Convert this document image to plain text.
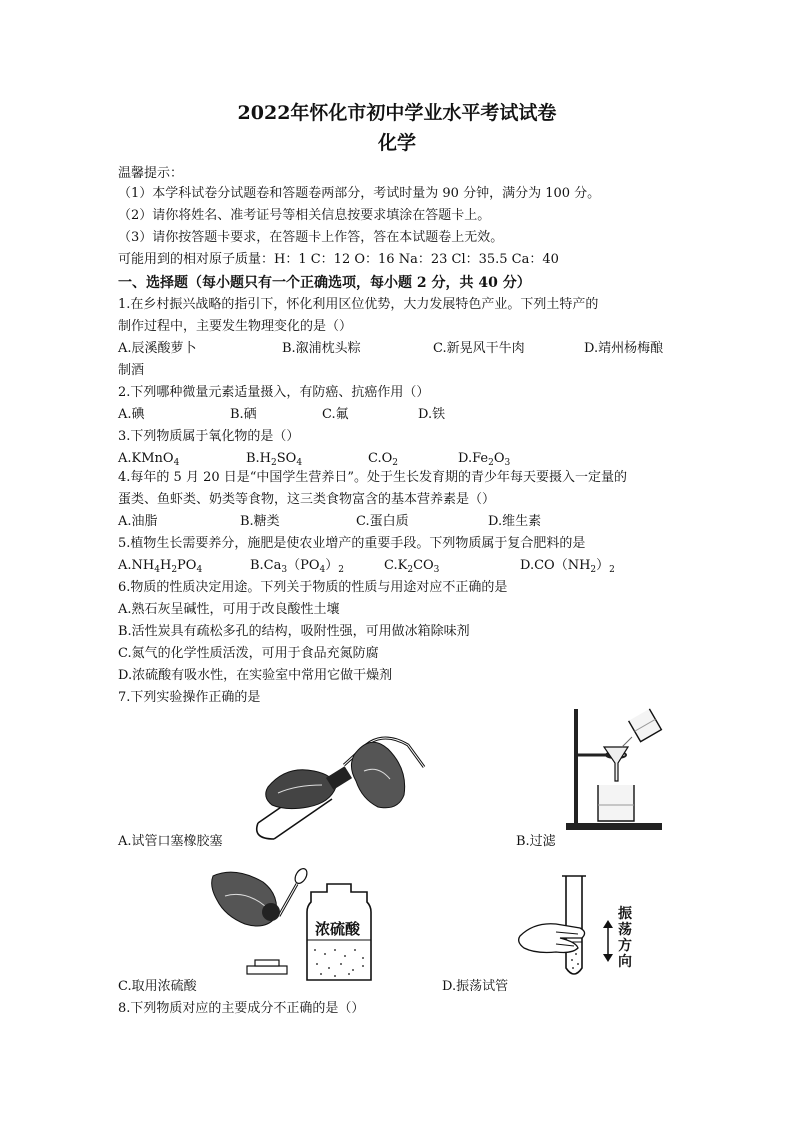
2022年怀化市初中学业水平考试试卷
化学
温馨提示：
（1）本学科试卷分试题卷和答题卷两部分，考试时量为 90 分钟，满分为 100 分。
（2）请你将姓名、准考证号等相关信息按要求填涂在答题卡上。
（3）请你按答题卡要求，在答题卡上作答，答在本试题卷上无效。
可能用到的相对原子质量：H：1 C：12 O：16 Na：23 Cl：35.5 Ca：40
一、选择题（每小题只有一个正确选项，每小题 2 分，共 40 分）
1.在乡村振兴战略的指引下，怀化利用区位优势，大力发展特色产业。下列土特产的
制作过程中，主要发生物理变化的是（）
A.辰溪酸萝卜	B.溆浦枕头粽	C.新晃风干牛肉	D.靖州杨梅酿
制酒
2.下列哪种微量元素适量摄入，有防癌、抗癌作用（）
A.碘	B.硒	C.氟	D.铁
3.下列物质属于氧化物的是（）
A.KMnO$_4$	$B.H_2SO_4$	$C.O_2$	$D.Fe_2O_3$
4.每年的 5 月 20 日是“中国学生营养日”。处于生长发育期的青少年每天要摄入一定量的
蛋类、鱼虾类、奶类等食物，这三类食物富含的基本营养素是（）
A.油脂	B.糖类	C.蛋白质	D.维生素
5.植物生长需要养分，施肥是使农业增产的重要手段。下列物质属于复合肥料的是
$A.NH_4H_2PO_4$	$B.Ca_3(PO_4)_2$	$C.K_2CO_3$	$D.CO(NH_2)_2$
6.物质的性质决定用途。下列关于物质的性质与用途对应不正确的是
A.熟石灰呈碱性，可用于改良酸性土壤
B.活性炭具有疏松多孔的结构，吸附性强，可用做冰箱除味剂
C.氮气的化学性质活泼，可用于食品充氮防腐
D.浓硫酸有吸水性，在实验室中常用它做干燥剂
7.下列实验操作正确的是
A.试管口塞橡胶塞	B.过滤
浓硫酸
C.取用浓硫酸
振
荡
方
向
D.振荡试管
8.下列物质对应的主要成分不正确的是（）
